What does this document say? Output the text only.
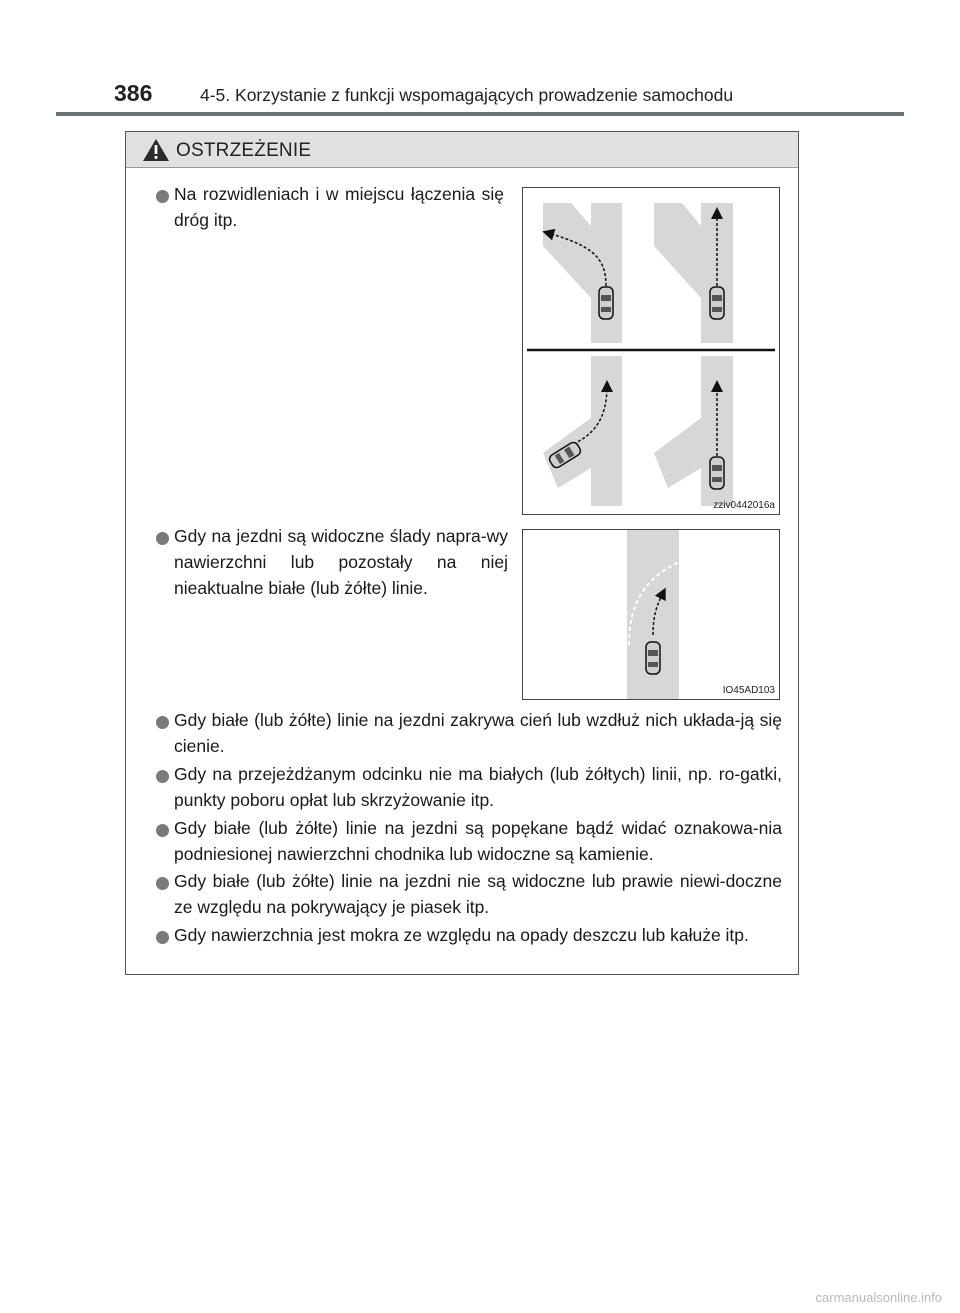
386	4-5. Korzystanie z funkcji wspomagających prowadzenie samochodu
OSTRZEŻENIE
Na rozwidleniach i w miejscu łączenia się dróg itp.
zziv0442016a
Gdy na jezdni są widoczne ślady napra-wy nawierzchni lub pozostały na niej nieaktualne białe (lub żółte) linie.
IO45AD103
Gdy białe (lub żółte) linie na jezdni zakrywa cień lub wzdłuż nich układa-ją się cienie.
Gdy na przejeżdżanym odcinku nie ma białych (lub żółtych) linii, np. ro-gatki, punkty poboru opłat lub skrzyżowanie itp.
Gdy białe (lub żółte) linie na jezdni są popękane bądź widać oznakowa-nia podniesionej nawierzchni chodnika lub widoczne są kamienie.
Gdy białe (lub żółte) linie na jezdni nie są widoczne lub prawie niewi-doczne ze względu na pokrywający je piasek itp.
Gdy nawierzchnia jest mokra ze względu na opady deszczu lub kałuże itp.
carmanualsonline.info
